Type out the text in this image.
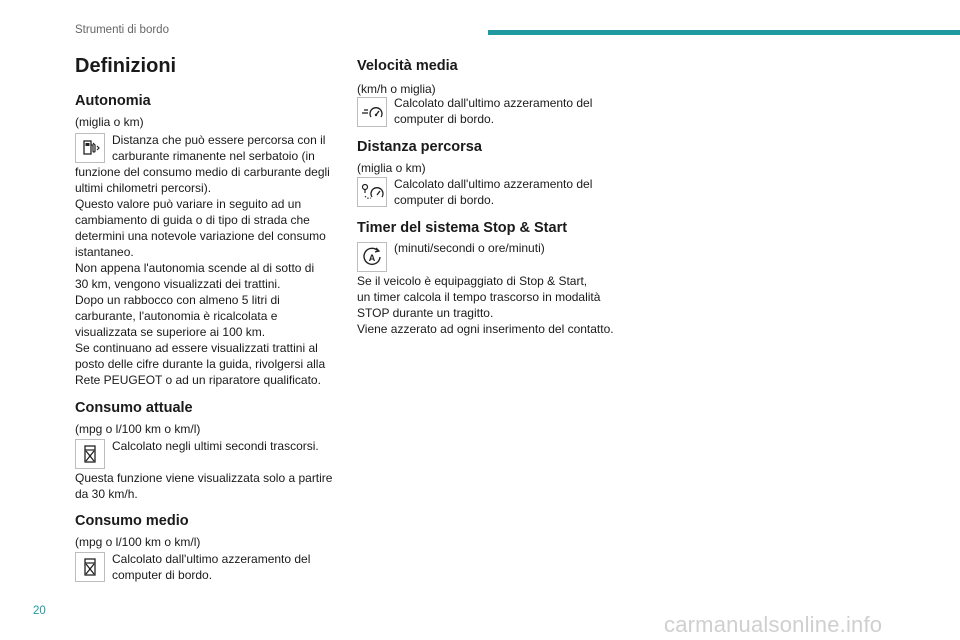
Strumenti di bordo
Definizioni
Autonomia
(miglia o km)
Distanza che può essere percorsa con il
carburante rimanente nel serbatoio (in
funzione del consumo medio di carburante degli
ultimi chilometri percorsi).
Questo valore può variare in seguito ad un
cambiamento di guida o di tipo di strada che
determini una notevole variazione del consumo
istantaneo.
Non appena l'autonomia scende al di sotto di
30 km, vengono visualizzati dei trattini.
Dopo un rabbocco con almeno 5 litri di
carburante, l'autonomia è ricalcolata e
visualizzata se superiore ai 100 km.
Se continuano ad essere visualizzati trattini al
posto delle cifre durante la guida, rivolgersi alla
Rete PEUGEOT o ad un riparatore qualificato.
Consumo attuale
(mpg o l/100 km o km/l)
Calcolato negli ultimi secondi trascorsi.
Questa funzione viene visualizzata solo a partire
da 30 km/h.
Consumo medio
(mpg o l/100 km o km/l)
Calcolato dall'ultimo azzeramento del
computer di bordo.
Velocità media
(km/h o miglia)
Calcolato dall'ultimo azzeramento del
computer di bordo.
Distanza percorsa
(miglia o km)
Calcolato dall'ultimo azzeramento del
computer di bordo.
Timer del sistema Stop & Start
A
(minuti/secondi o ore/minuti)
Se il veicolo è equipaggiato di Stop & Start,
un timer calcola il tempo trascorso in modalità
STOP durante un tragitto.
Viene azzerato ad ogni inserimento del contatto.
20
carmanualsonline.info
